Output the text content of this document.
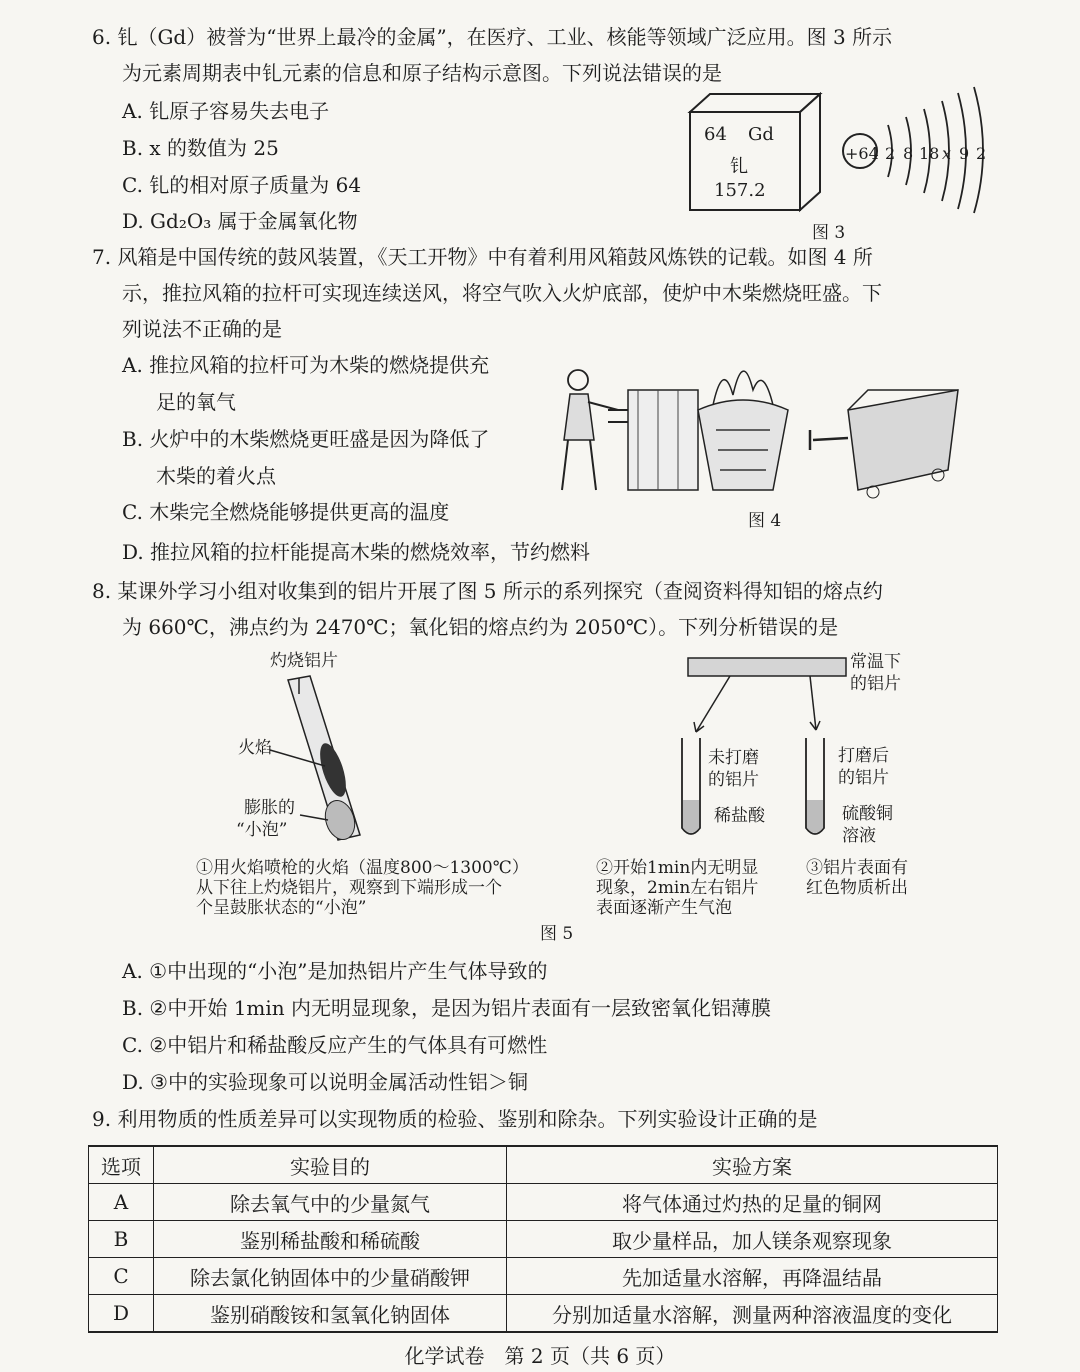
6. 钆（Gd）被誉为“世界上最冷的金属”，在医疗、工业、核能等领域广泛应用。图 3 所示
为元素周期表中钆元素的信息和原子结构示意图。下列说法错误的是
A. 钆原子容易失去电子
B. x 的数值为 25
C. 钆的相对原子质量为 64
D. Gd₂O₃ 属于金属氧化物
64 Gd
钆
157.2
+64 2 8 18 x 9 2
图 3
7. 风箱是中国传统的鼓风装置，《天工开物》中有着利用风箱鼓风炼铁的记载。如图 4 所
示，推拉风箱的拉杆可实现连续送风，将空气吹入火炉底部，使炉中木柴燃烧旺盛。下
列说法不正确的是
A. 推拉风箱的拉杆可为木柴的燃烧提供充
足的氧气
B. 火炉中的木柴燃烧更旺盛是因为降低了
木柴的着火点
C. 木柴完全燃烧能够提供更高的温度
D. 推拉风箱的拉杆能提高木柴的燃烧效率，节约燃料
图 4
8. 某课外学习小组对收集到的铝片开展了图 5 所示的系列探究（查阅资料得知铝的熔点约
为 660℃，沸点约为 2470℃；氧化铝的熔点约为 2050℃）。下列分析错误的是
灼烧铝片
火焰
膨胀的
“小泡”
①用火焰喷枪的火焰（温度800～1300℃）
从下往上灼烧铝片，观察到下端形成一个
个呈鼓胀状态的“小泡”
常温下
的铝片
未打磨
的铝片
稀盐酸
打磨后
的铝片
硫酸铜
溶液
②开始1min内无明显
现象，2min左右铝片
表面逐渐产生气泡
③铝片表面有
红色物质析出
图 5
A. ①中出现的“小泡”是加热铝片产生气体导致的
B. ②中开始 1min 内无明显现象，是因为铝片表面有一层致密氧化铝薄膜
C. ②中铝片和稀盐酸反应产生的气体具有可燃性
D. ③中的实验现象可以说明金属活动性铝＞铜
9. 利用物质的性质差异可以实现物质的检验、鉴别和除杂。下列实验设计正确的是
选项	实验目的	实验方案
A	除去氧气中的少量氮气	将气体通过灼热的足量的铜网
B	鉴别稀盐酸和稀硫酸	取少量样品，加人镁条观察现象
C	除去氯化钠固体中的少量硝酸钾	先加适量水溶解，再降温结晶
D	鉴别硝酸铵和氢氧化钠固体	分别加适量水溶解，测量两种溶液温度的变化
化学试卷　第 2 页（共 6 页）
